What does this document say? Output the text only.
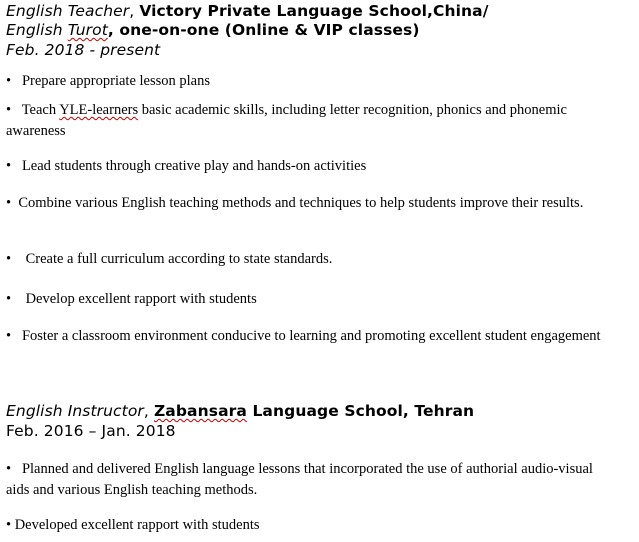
English Teacher, Victory Private Language School,China/
English Turot, one-on-one (Online & VIP classes)
Feb. 2018 - present
• Prepare appropriate lesson plans
• Teach YLE-learners basic academic skills, including letter recognition, phonics and phonemic awareness
• Lead students through creative play and hands-on activities
• Combine various English teaching methods and techniques to help students improve their results.
• Create a full curriculum according to state standards.
• Develop excellent rapport with students
• Foster a classroom environment conducive to learning and promoting excellent student engagement
English Instructor, Zabansara Language School, Tehran
Feb. 2016 – Jan. 2018
• Planned and delivered English language lessons that incorporated the use of authorial audio-visual aids and various English teaching methods.
• Developed excellent rapport with students
